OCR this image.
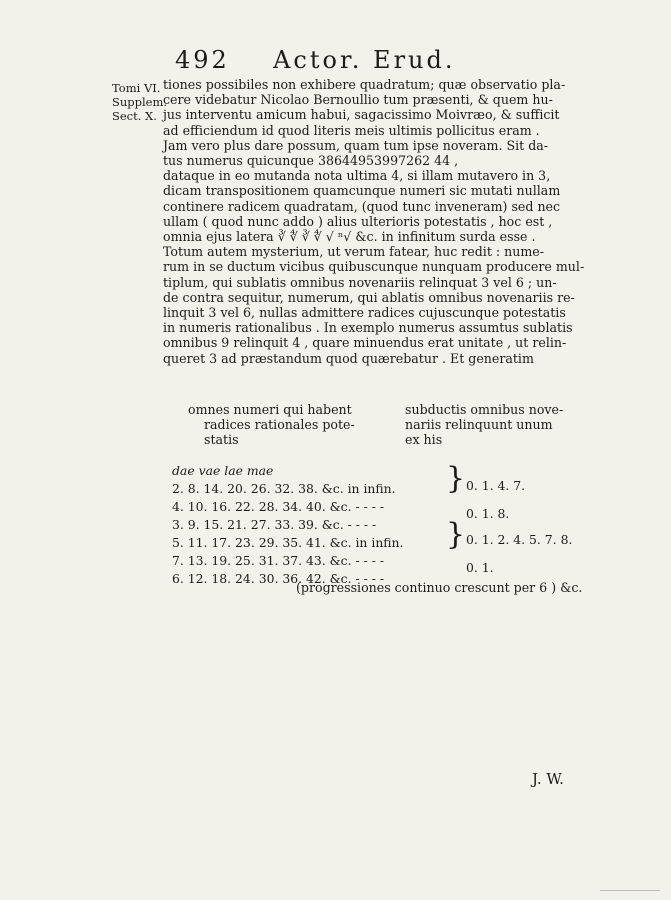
492 Actor. Erud.
Tomi VI.
Supplem.
Sect. X.
tiones possibiles non exhibere quadratum; quæ observatio pla-
cere videbatur Nicolao Bernoullio tum præsenti, & quem hu-
jus interventu amicum habui, sagacissimo Moivræo, & sufficit
ad efficiendum id quod literis meis ultimis pollicitus eram .
Jam vero plus dare possum, quam tum ipse noveram. Sit da-
tus numerus quicunque 38644953997262 44 ,
dataque in eo mutanda nota ultima 4, si illam mutavero in 3,
dicam transpositionem quamcunque numeri sic mutati nullam
continere radicem quadratam, (quod tunc inveneram) sed nec
ullam ( quod nunc addo ) alius ulterioris potestatis , hoc est ,
omnia ejus latera ∛ ∜ ∛ ∜ √ ⁿ√ &c. in infinitum surda esse .
Totum autem mysterium, ut verum fatear, huc redit : nume-
rum in se ductum vicibus quibuscunque nunquam producere mul-
tiplum, qui sublatis omnibus novenariis relinquat 3 vel 6 ; un-
de contra sequitur, numerum, qui ablatis omnibus novenariis re-
linquit 3 vel 6, nullas admittere radices cujuscunque potestatis
in numeris rationalibus . In exemplo numerus assumtus sublatis
omnibus 9 relinquit 4 , quare minuendus erat unitate , ut relin-
queret 3 ad præstandum quod quærebatur . Et generatim
omnes numeri qui habent
radices rationales pote-
statis
subductis omnibus nove-
nariis relinquunt unum
ex his
dae vae lae mae
2. 8. 14. 20. 26. 32. 38. &c. in infin.
4. 10. 16. 22. 28. 34. 40. &c. - - - -
3. 9. 15. 21. 27. 33. 39. &c. - - - -
5. 11. 17. 23. 29. 35. 41. &c. in infin.
7. 13. 19. 25. 31. 37. 43. &c. - - - -
6. 12. 18. 24. 30. 36. 42. &c. - - - -
}
}
0. 1. 4. 7.
0. 1. 8.
0. 1. 2. 4. 5. 7. 8.
0. 1.
(progressiones continuo crescunt per 6 ) &c.
J. W.
